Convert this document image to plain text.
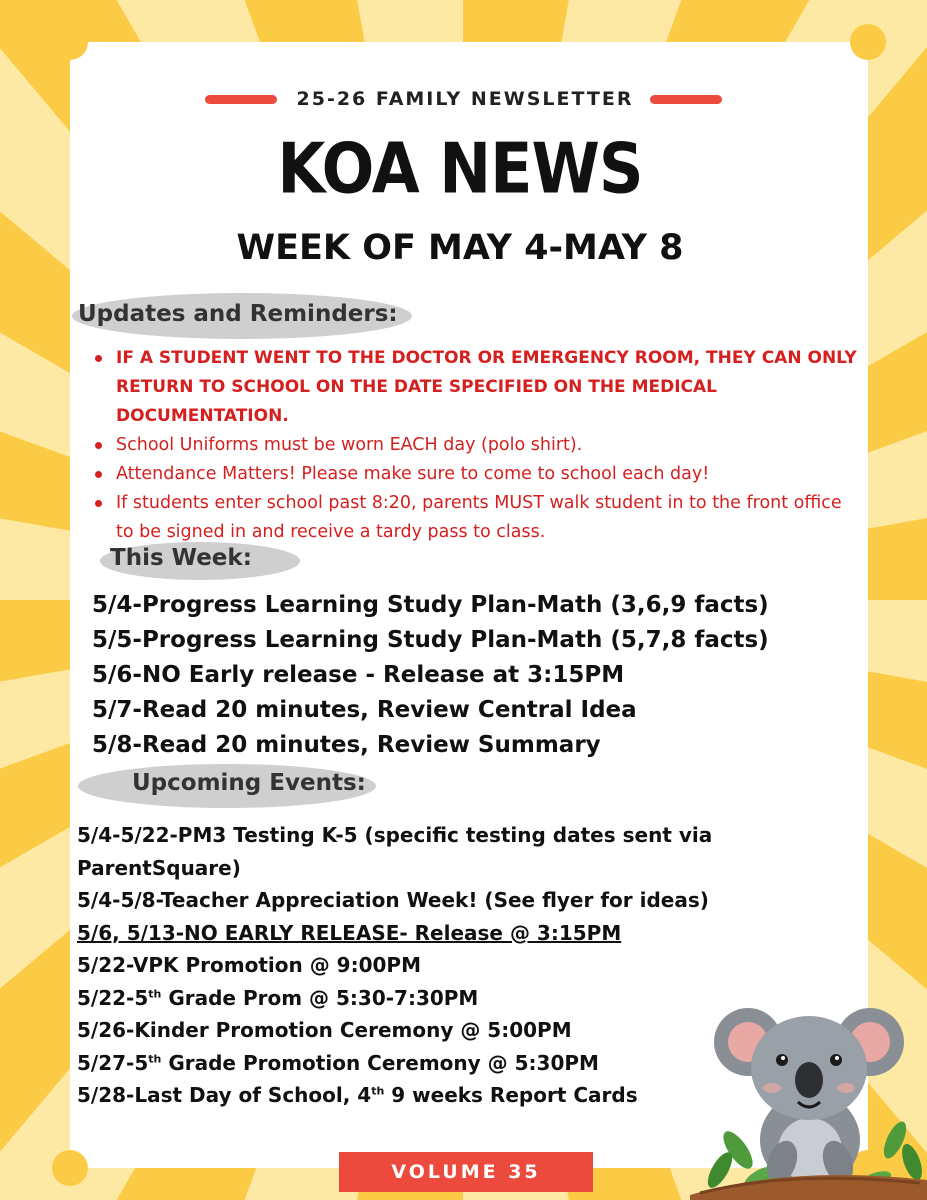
25-26 FAMILY NEWSLETTER
KOA NEWS
WEEK OF MAY 4-MAY 8
Updates and Reminders:
IF A STUDENT WENT TO THE DOCTOR OR EMERGENCY ROOM, THEY CAN ONLY RETURN TO SCHOOL ON THE DATE SPECIFIED ON THE MEDICAL DOCUMENTATION.
School Uniforms must be worn EACH day (polo shirt).
Attendance Matters! Please make sure to come to school each day!
If students enter school past 8:20, parents MUST walk student in to the front office to be signed in and receive a tardy pass to class.
This Week:
5/4-Progress Learning Study Plan-Math (3,6,9 facts)
5/5-Progress Learning Study Plan-Math (5,7,8 facts)
5/6-NO Early release - Release at 3:15PM
5/7-Read 20 minutes, Review Central Idea
5/8-Read 20 minutes, Review Summary
Upcoming Events:
5/4-5/22-PM3 Testing K-5 (specific testing dates sent via ParentSquare)
5/4-5/8-Teacher Appreciation Week! (See flyer for ideas)
5/6, 5/13-NO EARLY RELEASE- Release @ 3:15PM
5/22-VPK Promotion @ 9:00PM
5/22-5th Grade Prom @ 5:30-7:30PM
5/26-Kinder Promotion Ceremony @ 5:00PM
5/27-5th Grade Promotion Ceremony @ 5:30PM
5/28-Last Day of School, 4th 9 weeks Report Cards
VOLUME 35
